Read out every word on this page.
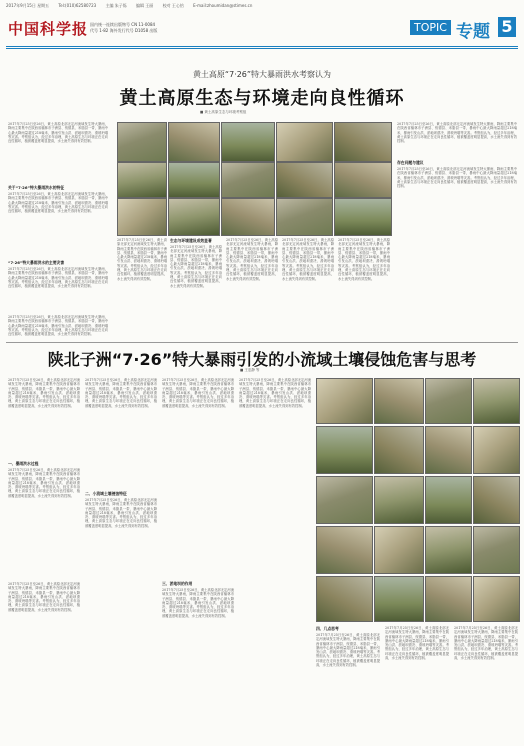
2017年9月15日 星期五 Tel:(010)62580723 主编 朱子铄 编辑 王丽 校对 王心怡 E-mail:zhoumidan@stimes.cn
中国科学报 国内统一连续出版物号 CN 11-0084
代号 1-82 海外发行代号 D1058 出版	TOPIC 专题 5
黄土高原“7·26”特大暴雨洪水考察认为
黄土高原生态与环境走向良性循环
■ 黄土高原生态与环境考察组
2017年7月25日至26日，黄土高原北部无定河流域发生特大暴雨，降雨主要集中在陕西省榆林市子洲县、绥德县、米脂县一带，暴雨中心最大降雨量超过218毫米，暴雨引发山洪、淤地坝溃决、滑坡坍塌等灾害。考察组认为，经过多年治理，黄土高原生态与环境正在走向良性循环，植被覆盖度明显提高，水土流失得到有效控制。
关于“7·26”特大暴雨洪水的特征
2017年7月25日至26日，黄土高原北部无定河流域发生特大暴雨，降雨主要集中在陕西省榆林市子洲县、绥德县、米脂县一带，暴雨中心最大降雨量超过218毫米，暴雨引发山洪、淤地坝溃决、滑坡坍塌等灾害。考察组认为，经过多年治理，黄土高原生态与环境正在走向良性循环，植被覆盖度明显提高，水土流失得到有效控制。
“7·26”特大暴雨洪水的主要灾害
2017年7月25日至26日，黄土高原北部无定河流域发生特大暴雨，降雨主要集中在陕西省榆林市子洲县、绥德县、米脂县一带，暴雨中心最大降雨量超过218毫米，暴雨引发山洪、淤地坝溃决、滑坡坍塌等灾害。考察组认为，经过多年治理，黄土高原生态与环境正在走向良性循环，植被覆盖度明显提高，水土流失得到有效控制。
2017年7月25日至26日，黄土高原北部无定河流域发生特大暴雨，降雨主要集中在陕西省榆林市子洲县、绥德县、米脂县一带，暴雨中心最大降雨量超过218毫米，暴雨引发山洪、淤地坝溃决、滑坡坍塌等灾害。考察组认为，经过多年治理，黄土高原生态与环境正在走向良性循环，植被覆盖度明显提高，水土流失得到有效控制。
2017年7月25日至26日，黄土高原北部无定河流域发生特大暴雨，降雨主要集中在陕西省榆林市子洲县、绥德县、米脂县一带，暴雨中心最大降雨量超过218毫米，暴雨引发山洪、淤地坝溃决、滑坡坍塌等灾害。考察组认为，经过多年治理，黄土高原生态与环境正在走向良性循环，植被覆盖度明显提高，水土流失得到有效控制。
生态与环境建设成效显著
2017年7月25日至26日，黄土高原北部无定河流域发生特大暴雨，降雨主要集中在陕西省榆林市子洲县、绥德县、米脂县一带，暴雨中心最大降雨量超过218毫米，暴雨引发山洪、淤地坝溃决、滑坡坍塌等灾害。考察组认为，经过多年治理，黄土高原生态与环境正在走向良性循环，植被覆盖度明显提高，水土流失得到有效控制。
2017年7月25日至26日，黄土高原北部无定河流域发生特大暴雨，降雨主要集中在陕西省榆林市子洲县、绥德县、米脂县一带，暴雨中心最大降雨量超过218毫米，暴雨引发山洪、淤地坝溃决、滑坡坍塌等灾害。考察组认为，经过多年治理，黄土高原生态与环境正在走向良性循环，植被覆盖度明显提高，水土流失得到有效控制。
2017年7月25日至26日，黄土高原北部无定河流域发生特大暴雨，降雨主要集中在陕西省榆林市子洲县、绥德县、米脂县一带，暴雨中心最大降雨量超过218毫米，暴雨引发山洪、淤地坝溃决、滑坡坍塌等灾害。考察组认为，经过多年治理，黄土高原生态与环境正在走向良性循环，植被覆盖度明显提高，水土流失得到有效控制。
2017年7月25日至26日，黄土高原北部无定河流域发生特大暴雨，降雨主要集中在陕西省榆林市子洲县、绥德县、米脂县一带，暴雨中心最大降雨量超过218毫米，暴雨引发山洪、淤地坝溃决、滑坡坍塌等灾害。考察组认为，经过多年治理，黄土高原生态与环境正在走向良性循环，植被覆盖度明显提高，水土流失得到有效控制。
2017年7月25日至26日，黄土高原北部无定河流域发生特大暴雨，降雨主要集中在陕西省榆林市子洲县、绥德县、米脂县一带，暴雨中心最大降雨量超过218毫米，暴雨引发山洪、淤地坝溃决、滑坡坍塌等灾害。考察组认为，经过多年治理，黄土高原生态与环境正在走向良性循环，植被覆盖度明显提高，水土流失得到有效控制。
存在问题与建议
2017年7月25日至26日，黄土高原北部无定河流域发生特大暴雨，降雨主要集中在陕西省榆林市子洲县、绥德县、米脂县一带，暴雨中心最大降雨量超过218毫米，暴雨引发山洪、淤地坝溃决、滑坡坍塌等灾害。考察组认为，经过多年治理，黄土高原生态与环境正在走向良性循环，植被覆盖度明显提高，水土流失得到有效控制。
陕北子洲“7·26”特大暴雨引发的小流域土壤侵蚀危害与思考
■ 王忠静 等
2017年7月25日至26日，黄土高原北部无定河流域发生特大暴雨，降雨主要集中在陕西省榆林市子洲县、绥德县、米脂县一带，暴雨中心最大降雨量超过218毫米，暴雨引发山洪、淤地坝溃决、滑坡坍塌等灾害。考察组认为，经过多年治理，黄土高原生态与环境正在走向良性循环，植被覆盖度明显提高，水土流失得到有效控制。
一、暴雨洪水过程
2017年7月25日至26日，黄土高原北部无定河流域发生特大暴雨，降雨主要集中在陕西省榆林市子洲县、绥德县、米脂县一带，暴雨中心最大降雨量超过218毫米，暴雨引发山洪、淤地坝溃决、滑坡坍塌等灾害。考察组认为，经过多年治理，黄土高原生态与环境正在走向良性循环，植被覆盖度明显提高，水土流失得到有效控制。
2017年7月25日至26日，黄土高原北部无定河流域发生特大暴雨，降雨主要集中在陕西省榆林市子洲县、绥德县、米脂县一带，暴雨中心最大降雨量超过218毫米，暴雨引发山洪、淤地坝溃决、滑坡坍塌等灾害。考察组认为，经过多年治理，黄土高原生态与环境正在走向良性循环，植被覆盖度明显提高，水土流失得到有效控制。
2017年7月25日至26日，黄土高原北部无定河流域发生特大暴雨，降雨主要集中在陕西省榆林市子洲县、绥德县、米脂县一带，暴雨中心最大降雨量超过218毫米，暴雨引发山洪、淤地坝溃决、滑坡坍塌等灾害。考察组认为，经过多年治理，黄土高原生态与环境正在走向良性循环，植被覆盖度明显提高，水土流失得到有效控制。
二、小流域土壤侵蚀特征
2017年7月25日至26日，黄土高原北部无定河流域发生特大暴雨，降雨主要集中在陕西省榆林市子洲县、绥德县、米脂县一带，暴雨中心最大降雨量超过218毫米，暴雨引发山洪、淤地坝溃决、滑坡坍塌等灾害。考察组认为，经过多年治理，黄土高原生态与环境正在走向良性循环，植被覆盖度明显提高，水土流失得到有效控制。
2017年7月25日至26日，黄土高原北部无定河流域发生特大暴雨，降雨主要集中在陕西省榆林市子洲县、绥德县、米脂县一带，暴雨中心最大降雨量超过218毫米，暴雨引发山洪、淤地坝溃决、滑坡坍塌等灾害。考察组认为，经过多年治理，黄土高原生态与环境正在走向良性循环，植被覆盖度明显提高，水土流失得到有效控制。
三、淤地坝的作用
2017年7月25日至26日，黄土高原北部无定河流域发生特大暴雨，降雨主要集中在陕西省榆林市子洲县、绥德县、米脂县一带，暴雨中心最大降雨量超过218毫米，暴雨引发山洪、淤地坝溃决、滑坡坍塌等灾害。考察组认为，经过多年治理，黄土高原生态与环境正在走向良性循环，植被覆盖度明显提高，水土流失得到有效控制。
2017年7月25日至26日，黄土高原北部无定河流域发生特大暴雨，降雨主要集中在陕西省榆林市子洲县、绥德县、米脂县一带，暴雨中心最大降雨量超过218毫米，暴雨引发山洪、淤地坝溃决、滑坡坍塌等灾害。考察组认为，经过多年治理，黄土高原生态与环境正在走向良性循环，植被覆盖度明显提高，水土流失得到有效控制。
四、几点思考
2017年7月25日至26日，黄土高原北部无定河流域发生特大暴雨，降雨主要集中在陕西省榆林市子洲县、绥德县、米脂县一带，暴雨中心最大降雨量超过218毫米，暴雨引发山洪、淤地坝溃决、滑坡坍塌等灾害。考察组认为，经过多年治理，黄土高原生态与环境正在走向良性循环，植被覆盖度明显提高，水土流失得到有效控制。
2017年7月25日至26日，黄土高原北部无定河流域发生特大暴雨，降雨主要集中在陕西省榆林市子洲县、绥德县、米脂县一带，暴雨中心最大降雨量超过218毫米，暴雨引发山洪、淤地坝溃决、滑坡坍塌等灾害。考察组认为，经过多年治理，黄土高原生态与环境正在走向良性循环，植被覆盖度明显提高，水土流失得到有效控制。
2017年7月25日至26日，黄土高原北部无定河流域发生特大暴雨，降雨主要集中在陕西省榆林市子洲县、绥德县、米脂县一带，暴雨中心最大降雨量超过218毫米，暴雨引发山洪、淤地坝溃决、滑坡坍塌等灾害。考察组认为，经过多年治理，黄土高原生态与环境正在走向良性循环，植被覆盖度明显提高，水土流失得到有效控制。
